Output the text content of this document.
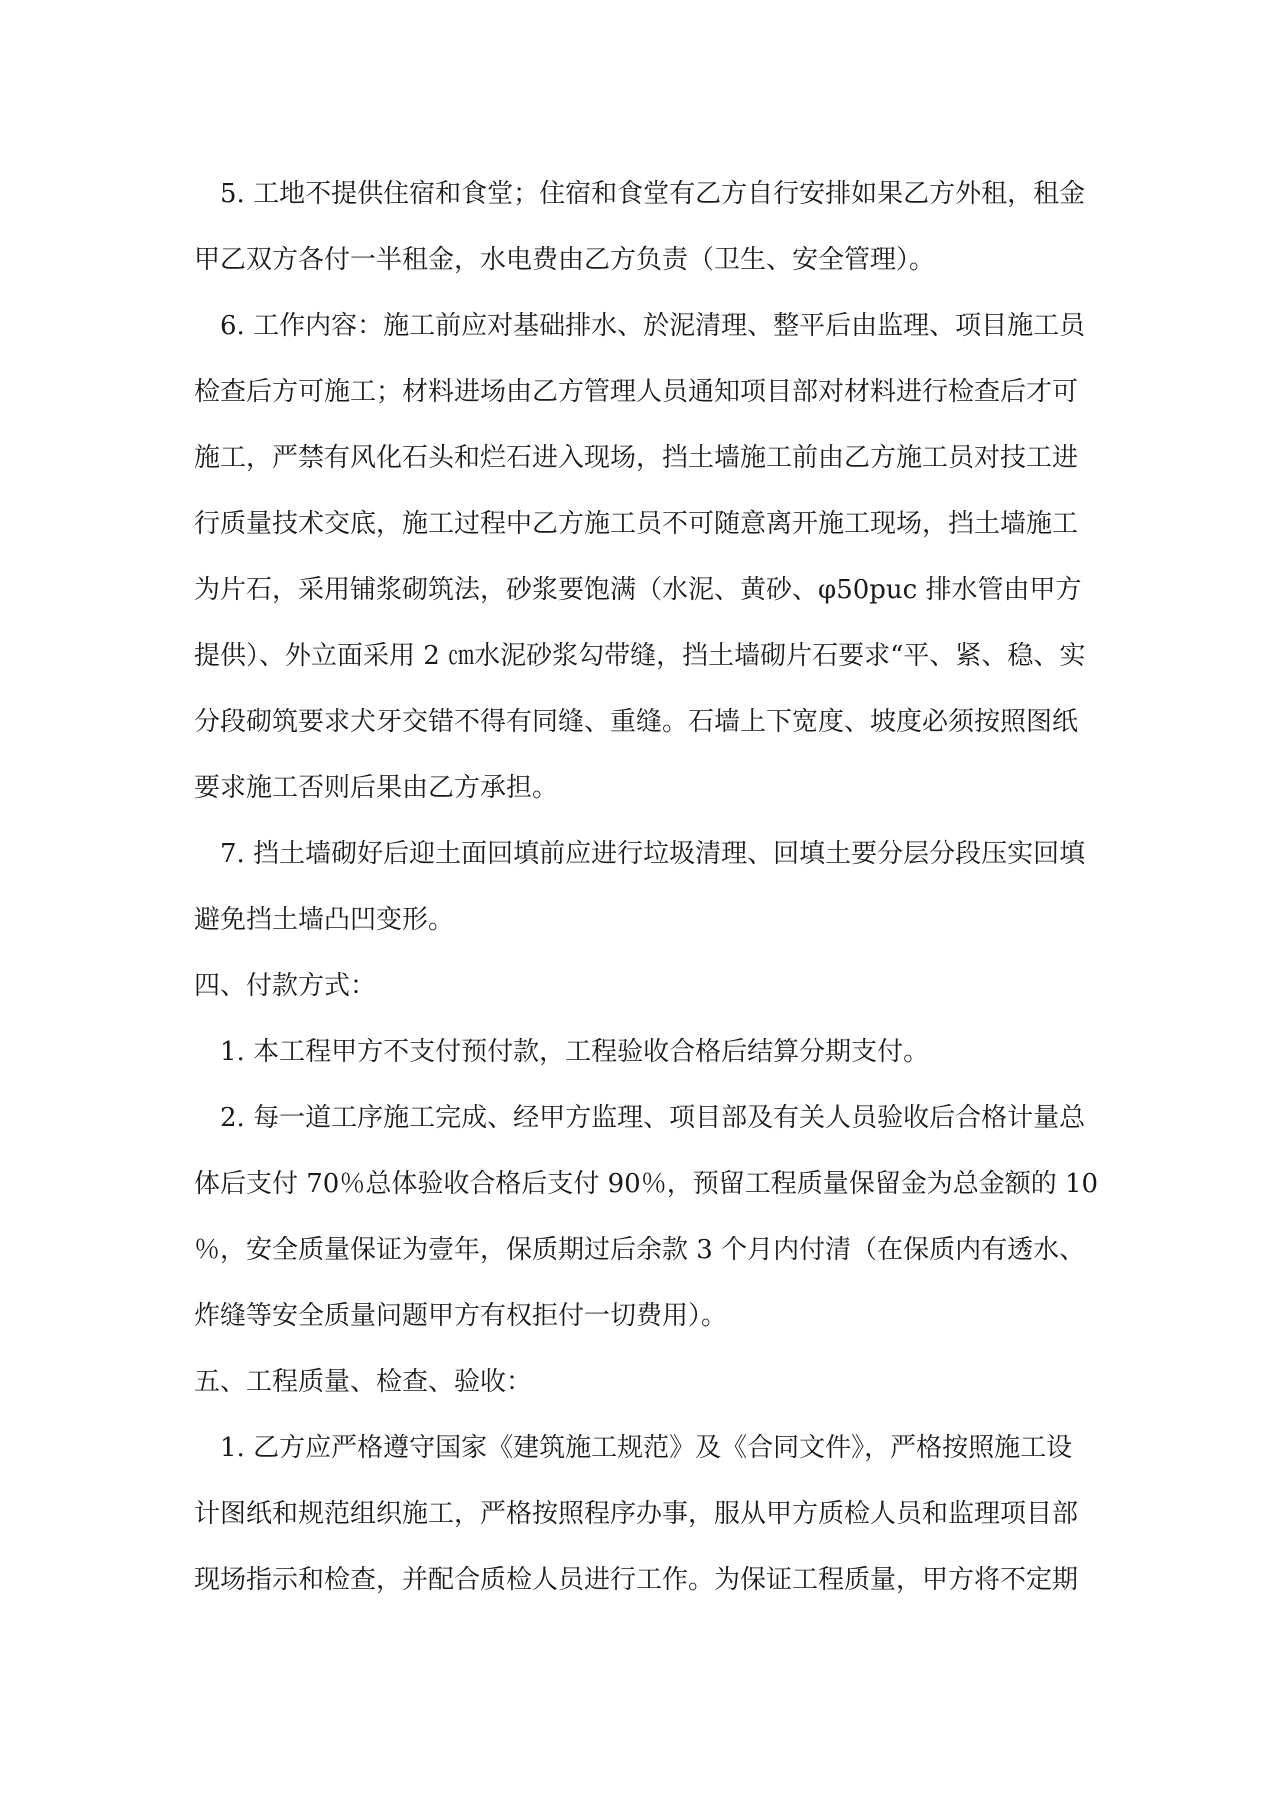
5. 工地不提供住宿和食堂；住宿和食堂有乙方自行安排如果乙方外租，租金
甲乙双方各付一半租金，水电费由乙方负责（卫生、安全管理）。
6. 工作内容：施工前应对基础排水、於泥清理、整平后由监理、项目施工员
检查后方可施工；材料进场由乙方管理人员通知项目部对材料进行检查后才可
施工，严禁有风化石头和烂石进入现场，挡土墙施工前由乙方施工员对技工进
行质量技术交底，施工过程中乙方施工员不可随意离开施工现场，挡土墙施工
为片石，采用铺浆砌筑法，砂浆要饱满（水泥、黄砂、φ50puc 排水管由甲方
提供）、外立面采用 2 ㎝水泥砂浆勾带缝，挡土墙砌片石要求“平、紧、稳、实
分段砌筑要求犬牙交错不得有同缝、重缝。石墙上下宽度、坡度必须按照图纸
要求施工否则后果由乙方承担。
7. 挡土墙砌好后迎土面回填前应进行垃圾清理、回填土要分层分段压实回填
避免挡土墙凸凹变形。
四、付款方式：
1. 本工程甲方不支付预付款，工程验收合格后结算分期支付。
2. 每一道工序施工完成、经甲方监理、项目部及有关人员验收后合格计量总
体后支付 70％总体验收合格后支付 90％，预留工程质量保留金为总金额的 10
％，安全质量保证为壹年，保质期过后余款 3 个月内付清（在保质内有透水、
炸缝等安全质量问题甲方有权拒付一切费用）。
五、工程质量、检查、验收：
1. 乙方应严格遵守国家《建筑施工规范》及《合同文件》，严格按照施工设
计图纸和规范组织施工，严格按照程序办事，服从甲方质检人员和监理项目部
现场指示和检查，并配合质检人员进行工作。为保证工程质量，甲方将不定期
